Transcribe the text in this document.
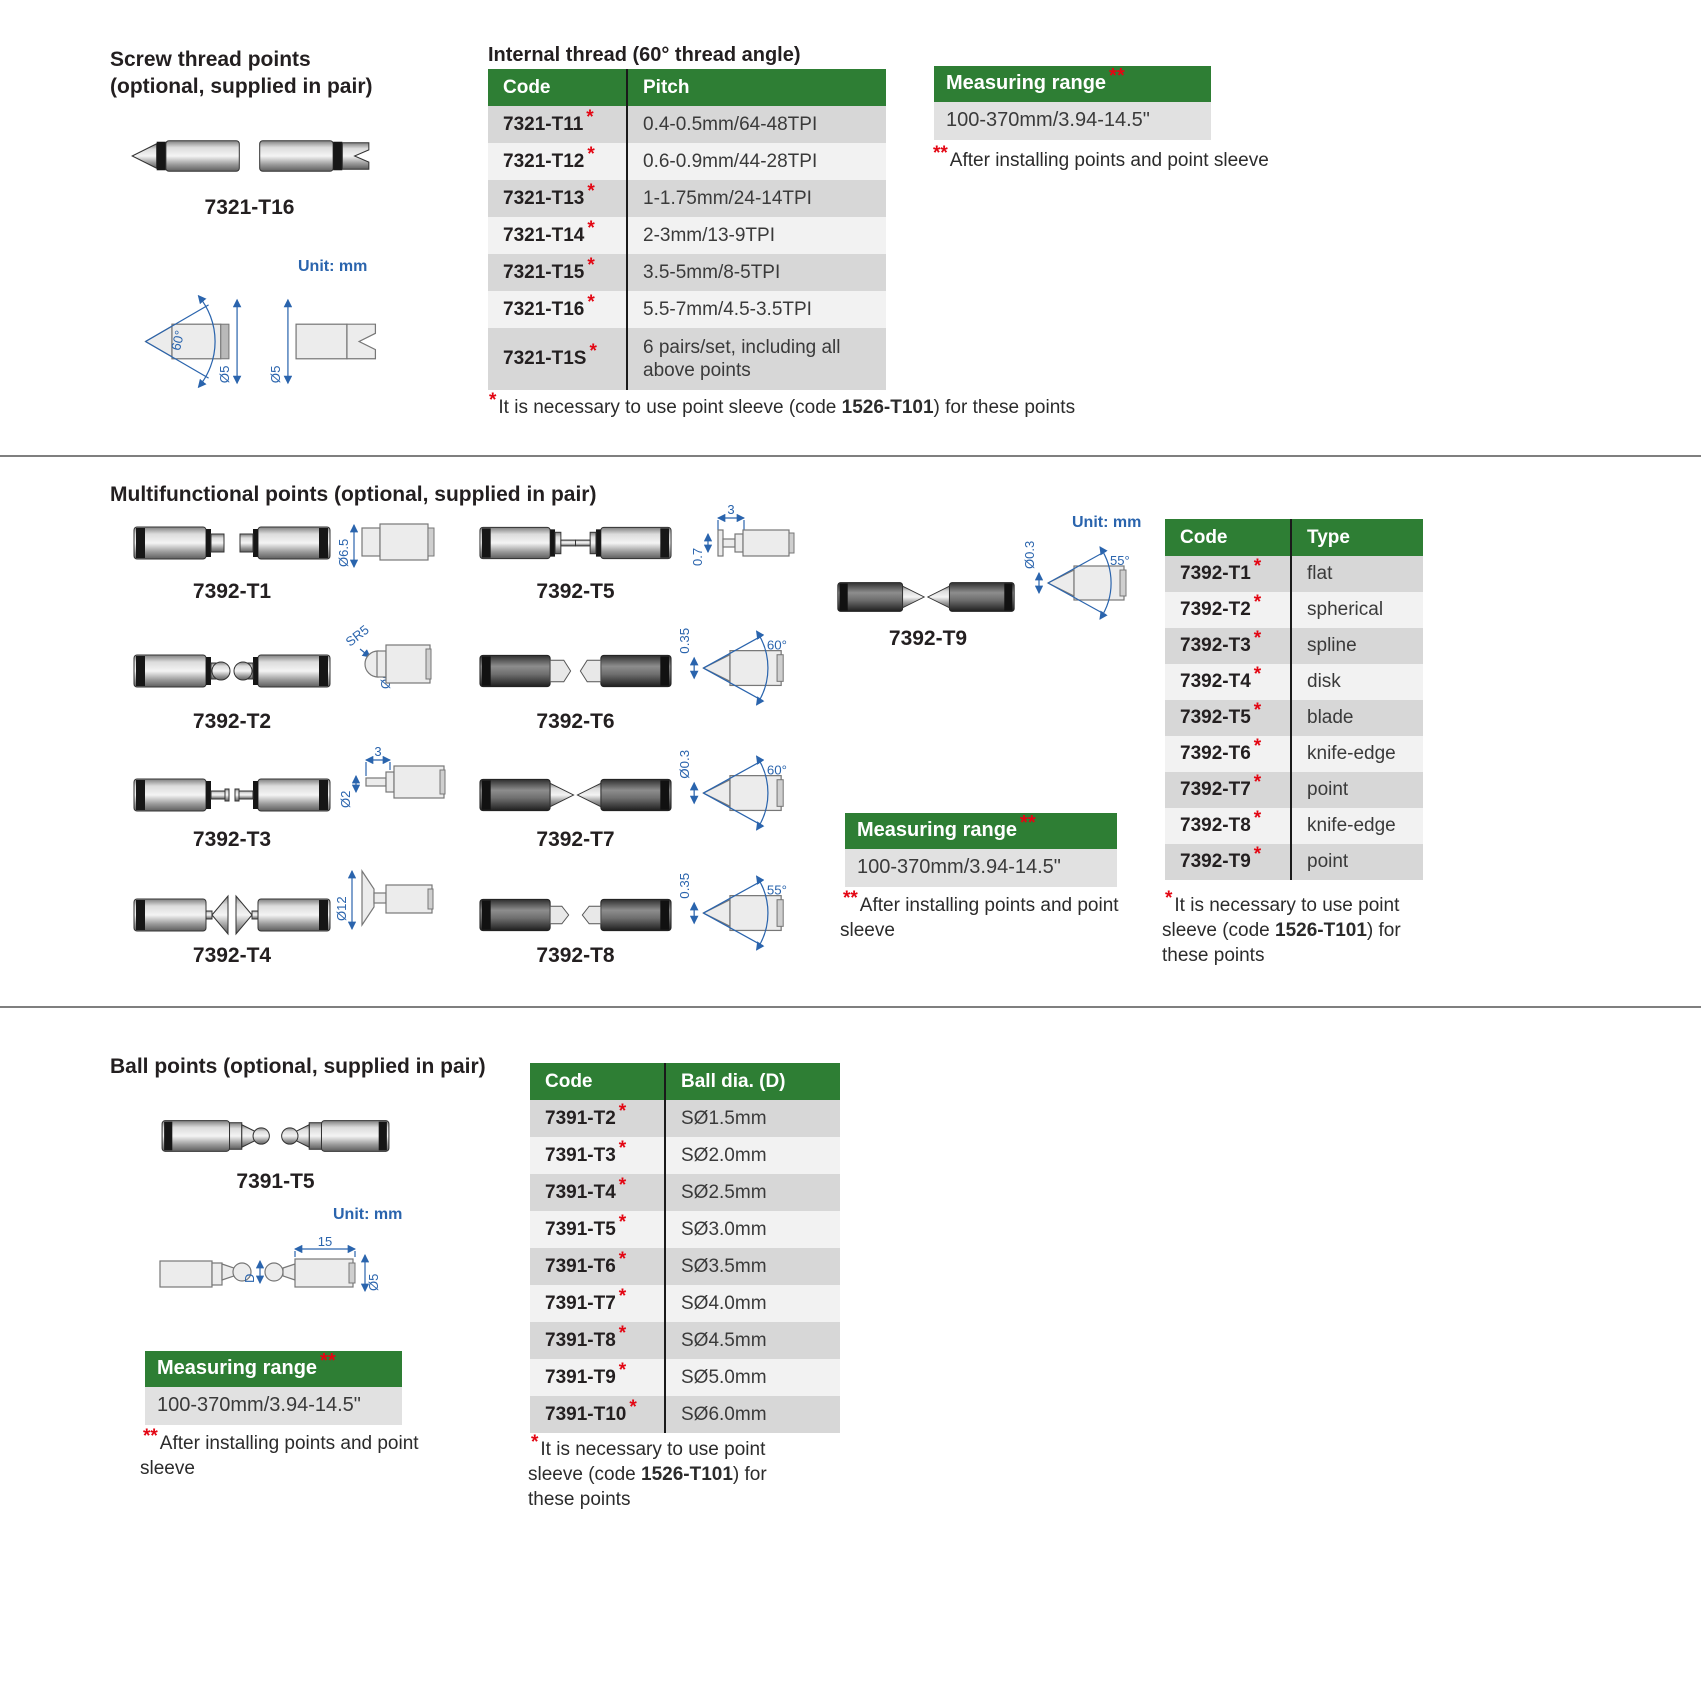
Screw thread points
(optional, supplied in pair)
7321-T16
Unit: mm
60°
Ø5	Ø5
Internal thread (60° thread angle)
Code	Pitch
7321-T11 *	0.4-0.5mm/64-48TPI
7321-T12 *	0.6-0.9mm/44-28TPI
7321-T13 *	1-1.75mm/24-14TPI
7321-T14 *	2-3mm/13-9TPI
7321-T15 *	3.5-5mm/8-5TPI
7321-T16 *	5.5-7mm/4.5-3.5TPI
7321-T1S *	6 pairs/set, including all above points
* It is necessary to use point sleeve (code 1526-T101) for these points
Measuring range **
100-370mm/3.94-14.5"
** After installing points and point sleeve
Multifunctional points (optional, supplied in pair)
Ø6.5
7392-T1
3
0.7
7392-T5
Unit: mm
55°
Ø0.3
7392-T9
SR5
7392-T2
60°
0.35
7392-T6
3
Ø2
7392-T3
60°
Ø0.3
7392-T7
Ø12
7392-T4
55°
0.35
7392-T8
Code	Type
7392-T1 *	flat
7392-T2 *	spherical
7392-T3 *	spline
7392-T4 *	disk
7392-T5 *	blade
7392-T6 *	knife-edge
7392-T7 *	point
7392-T8 *	knife-edge
7392-T9 *	point
Measuring range **
100-370mm/3.94-14.5"
** After installing points and point sleeve
* It is necessary to use point sleeve (code 1526-T101) for these points
Ball points (optional, supplied in pair)
7391-T5
Unit: mm
D
15
Ø5
Measuring range **
100-370mm/3.94-14.5"
** After installing points and point sleeve
Code	Ball dia. (D)
7391-T2 *	SØ1.5mm
7391-T3 *	SØ2.0mm
7391-T4 *	SØ2.5mm
7391-T5 *	SØ3.0mm
7391-T6 *	SØ3.5mm
7391-T7 *	SØ4.0mm
7391-T8 *	SØ4.5mm
7391-T9 *	SØ5.0mm
7391-T10 *	SØ6.0mm
* It is necessary to use point sleeve (code 1526-T101) for these points
